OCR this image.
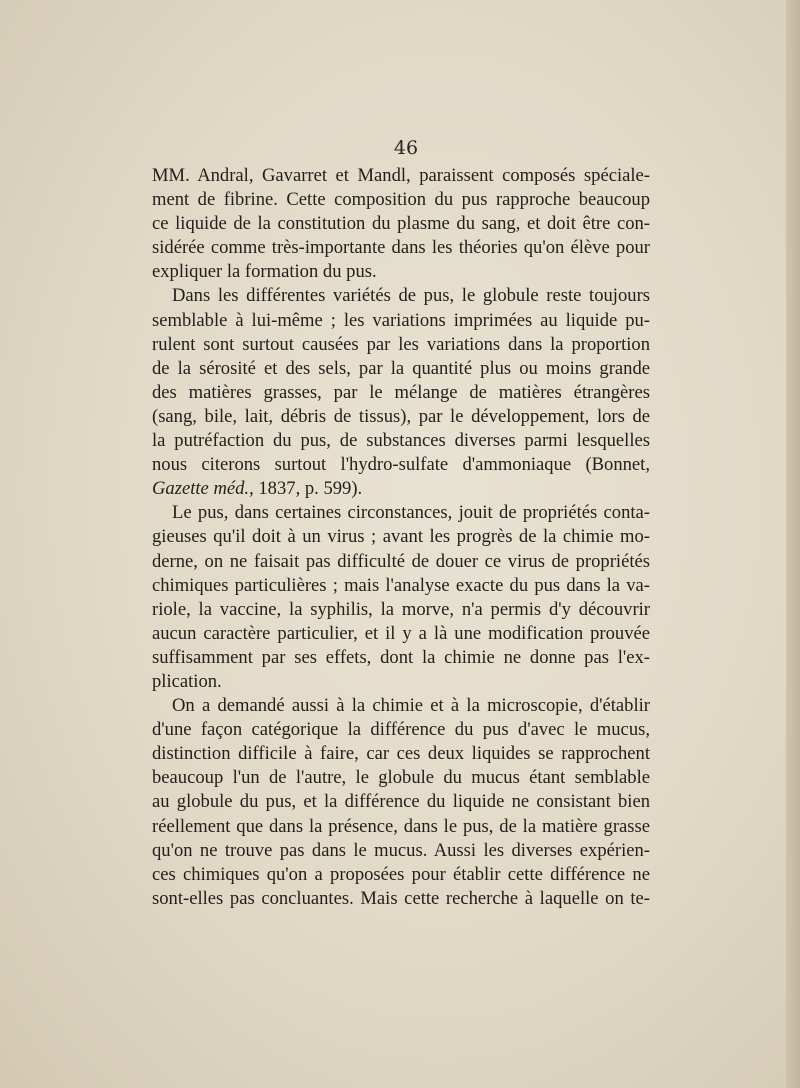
46
MM. Andral, Gavarret et Mandl, paraissent composés spéciale-
ment de fibrine. Cette composition du pus rapproche beaucoup
ce liquide de la constitution du plasme du sang, et doit être con-
sidérée comme très-importante dans les théories qu'on élève pour
expliquer la formation du pus.
Dans les différentes variétés de pus, le globule reste toujours
semblable à lui-même ; les variations imprimées au liquide pu-
rulent sont surtout causées par les variations dans la proportion
de la sérosité et des sels, par la quantité plus ou moins grande
des matières grasses, par le mélange de matières étrangères
(sang, bile, lait, débris de tissus), par le développement, lors de
la putréfaction du pus, de substances diverses parmi lesquelles
nous citerons surtout l'hydro-sulfate d'ammoniaque (Bonnet,
Gazette méd., 1837, p. 599).
Le pus, dans certaines circonstances, jouit de propriétés conta-
gieuses qu'il doit à un virus ; avant les progrès de la chimie mo-
derne, on ne faisait pas difficulté de douer ce virus de propriétés
chimiques particulières ; mais l'analyse exacte du pus dans la va-
riole, la vaccine, la syphilis, la morve, n'a permis d'y découvrir
aucun caractère particulier, et il y a là une modification prouvée
suffisamment par ses effets, dont la chimie ne donne pas l'ex-
plication.
On a demandé aussi à la chimie et à la microscopie, d'établir
d'une façon catégorique la différence du pus d'avec le mucus,
distinction difficile à faire, car ces deux liquides se rapprochent
beaucoup l'un de l'autre, le globule du mucus étant semblable
au globule du pus, et la différence du liquide ne consistant bien
réellement que dans la présence, dans le pus, de la matière grasse
qu'on ne trouve pas dans le mucus. Aussi les diverses expérien-
ces chimiques qu'on a proposées pour établir cette différence ne
sont-elles pas concluantes. Mais cette recherche à laquelle on te-
